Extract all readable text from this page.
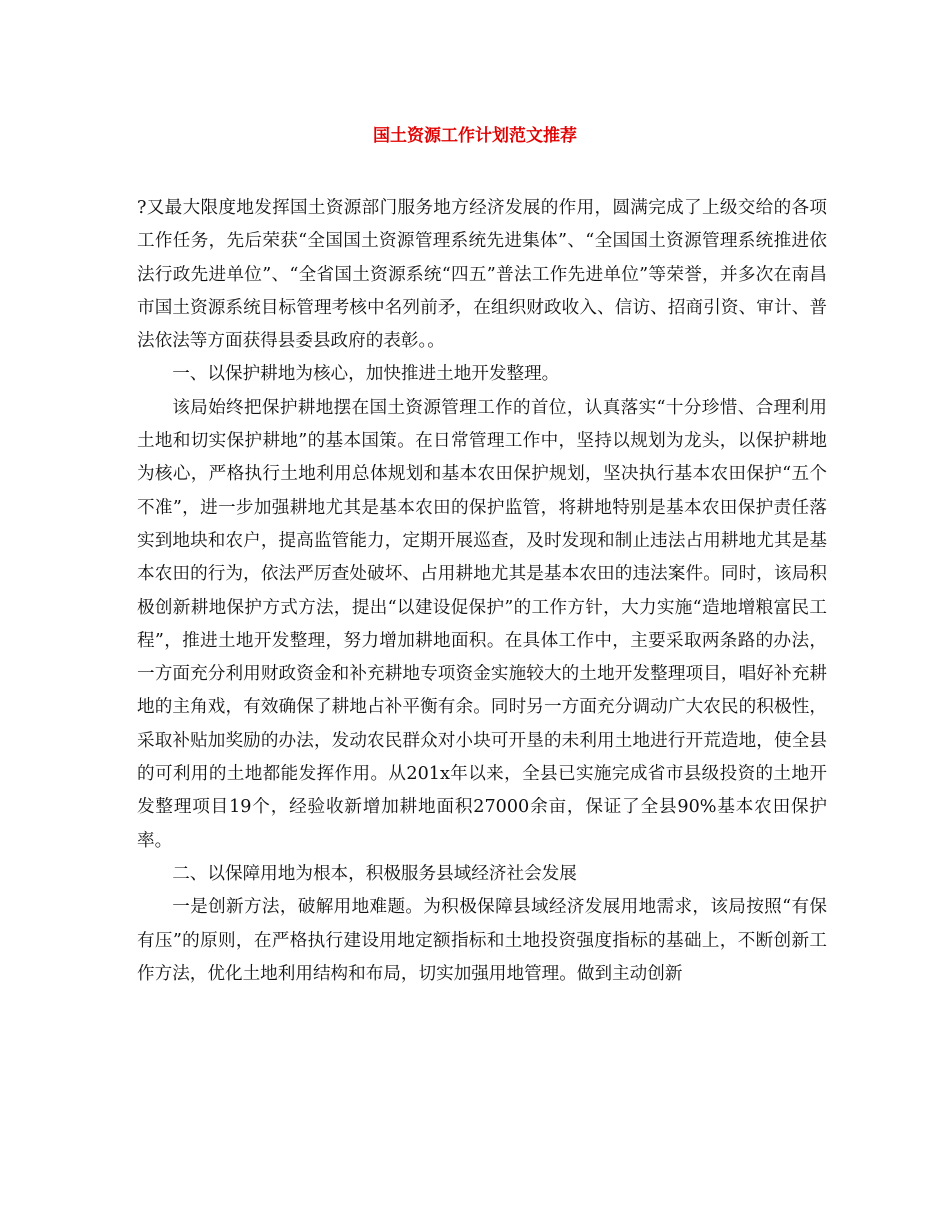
国土资源工作计划范文推荐

?又最大限度地发挥国土资源部门服务地方经济发展的作用，圆满完成了上级交给的各项工作任务，先后荣获“全国国土资源管理系统先进集体”、“全国国土资源管理系统推进依法行政先进单位”、“全省国土资源系统“四五”普法工作先进单位”等荣誉，并多次在南昌市国土资源系统目标管理考核中名列前矛，在组织财政收入、信访、招商引资、审计、普法依法等方面获得县委县政府的表彰。。

一、以保护耕地为核心，加快推进土地开发整理。

该局始终把保护耕地摆在国土资源管理工作的首位，认真落实“十分珍惜、合理利用土地和切实保护耕地”的基本国策。在日常管理工作中，坚持以规划为龙头，以保护耕地为核心，严格执行土地利用总体规划和基本农田保护规划，坚决执行基本农田保护“五个不准”，进一步加强耕地尤其是基本农田的保护监管，将耕地特别是基本农田保护责任落实到地块和农户，提高监管能力，定期开展巡查，及时发现和制止违法占用耕地尤其是基本农田的行为，依法严厉查处破坏、占用耕地尤其是基本农田的违法案件。同时，该局积极创新耕地保护方式方法，提出“以建设促保护”的工作方针，大力实施“造地增粮富民工程”，推进土地开发整理，努力增加耕地面积。在具体工作中，主要采取两条路的办法，一方面充分利用财政资金和补充耕地专项资金实施较大的土地开发整理项目，唱好补充耕地的主角戏，有效确保了耕地占补平衡有余。同时另一方面充分调动广大农民的积极性，采取补贴加奖励的办法，发动农民群众对小块可开垦的未利用土地进行开荒造地，使全县的可利用的土地都能发挥作用。从201x年以来，全县已实施完成省市县级投资的土地开发整理项目19个，经验收新增加耕地面积27000余亩，保证了全县90%基本农田保护率。

二、以保障用地为根本，积极服务县域经济社会发展

一是创新方法，破解用地难题。为积极保障县域经济发展用地需求，该局按照“有保有压”的原则，在严格执行建设用地定额指标和土地投资强度指标的基础上，不断创新工作方法，优化土地利用结构和布局，切实加强用地管理。做到主动创新
